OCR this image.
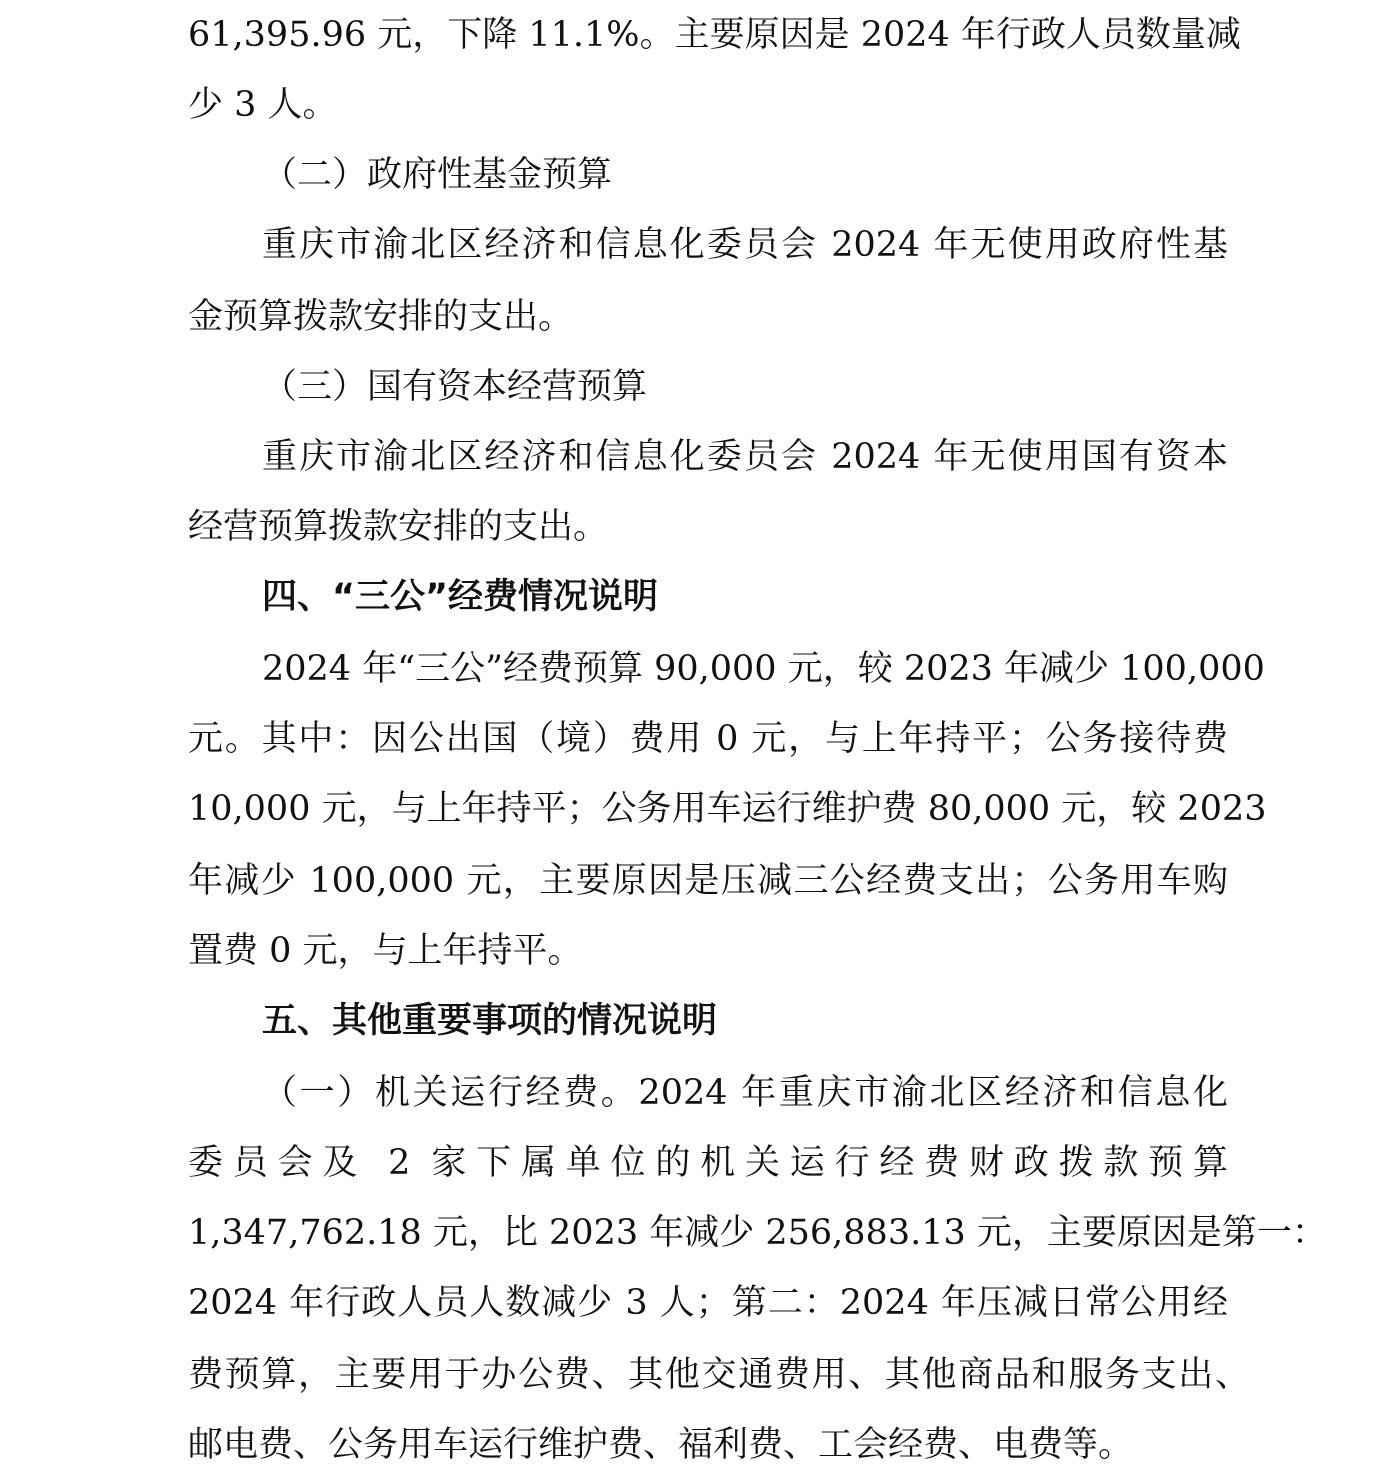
61,395.96 元，下降 11.1%。主要原因是 2024 年行政人员数量减
少 3 人。
（二）政府性基金预算
重庆市渝北区经济和信息化委员会 2024 年无使用政府性基
金预算拨款安排的支出。
（三）国有资本经营预算
重庆市渝北区经济和信息化委员会 2024 年无使用国有资本
经营预算拨款安排的支出。
四、“三公”经费情况说明
2024 年“三公”经费预算 90,000 元，较 2023 年减少 100,000
元。其中：因公出国（境）费用 0 元，与上年持平；公务接待费
10,000 元，与上年持平；公务用车运行维护费 80,000 元，较 2023
年减少 100,000 元，主要原因是压减三公经费支出；公务用车购
置费 0 元，与上年持平。
五、其他重要事项的情况说明
（一）机关运行经费。2024 年重庆市渝北区经济和信息化
委员会及 2 家下属单位的机关运行经费财政拨款预算
1,347,762.18 元，比 2023 年减少 256,883.13 元，主要原因是第一：
2024 年行政人员人数减少 3 人；第二：2024 年压减日常公用经
费预算，主要用于办公费、其他交通费用、其他商品和服务支出、
邮电费、公务用车运行维护费、福利费、工会经费、电费等。
